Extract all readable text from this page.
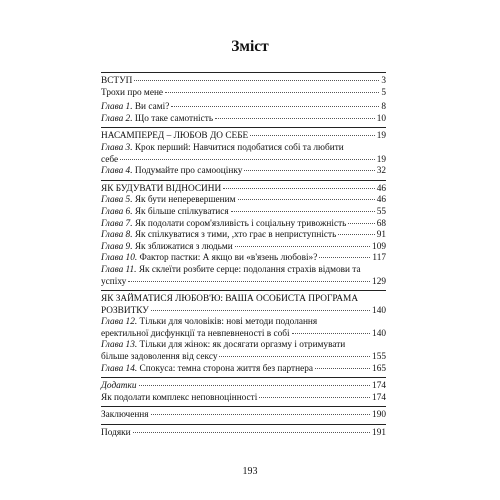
Зміст
ВСТУП	3
Трохи про мене	5
Глава 1. Ви самі?	8
Глава 2. Що таке самотність	10
НАСАМПЕРЕД – ЛЮБОВ ДО СЕБЕ	19
Глава 3. Крок перший: Навчитися подобатися собі та любити
себе	19
Глава 4. Подумайте про самооцінку	32
ЯК БУДУВАТИ ВІДНОСИНИ	46
Глава 5. Як бути неперевершеним	46
Глава 6. Як більше спілкуватися	55
Глава 7. Як подолати сором'язливість і соціальну тривожність	68
Глава 8. Як спілкуватися з тими, ,хто грає в неприступність	91
Глава 9. Як зближатися з людьми	109
Глава 10. Фактор пастки: А якщо ви «в'язень любові»?	117
Глава 11. Як склеїти розбите серце: подолання страхів відмови та
успіху	129
ЯК ЗАЙМАТИСЯ ЛЮБОВ'Ю: ВАША ОСОБИСТА ПРОГРАМА
РОЗВИТКУ	140
Глава 12. Тільки для чоловіків: нові методи подолання
еректильної дисфункції та невпевненості в собі	140
Глава 13. Тільки для жінок: як досягати оргазму і отримувати
більше задоволення від сексу	155
Глава 14. Спокуса: темна сторона життя без партнера	165
Додатки	174
Як подолати комплекс неповноцінності	174
Заключення	190
Подяки	191
193
